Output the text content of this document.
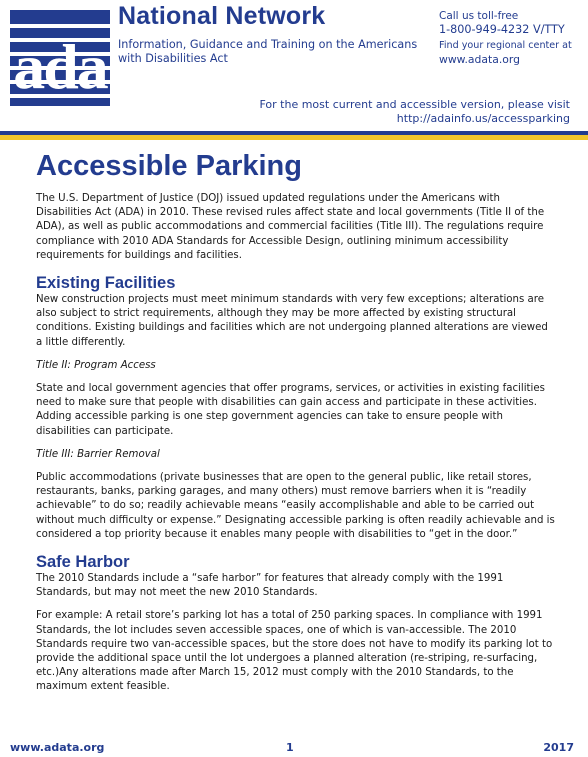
ada
National Network

Information, Guidance and Training on the Americans with Disabilities Act

Call us toll-free
1-800-949-4232 V/TTY
Find your regional center at
www.adata.org
For the most current and accessible version, please visit
http://adainfo.us/accessparking
Accessible Parking

The U.S. Department of Justice (DOJ) issued updated regulations under the Americans with Disabilities Act (ADA) in 2010. These revised rules affect state and local governments (Title II of the ADA), as well as public accommodations and commercial facilities (Title III). The regulations require compliance with 2010 ADA Standards for Accessible Design, outlining minimum accessibility requirements for buildings and facilities.

Existing Facilities

New construction projects must meet minimum standards with very few exceptions; alterations are also subject to strict requirements, although they may be more affected by existing structural conditions. Existing buildings and facilities which are not undergoing planned alterations are viewed a little differently.

Title II: Program Access

State and local government agencies that offer programs, services, or activities in existing facilities need to make sure that people with disabilities can gain access and participate in these activities. Adding accessible parking is one step government agencies can take to ensure people with disabilities can participate.

Title III: Barrier Removal

Public accommodations (private businesses that are open to the general public, like retail stores, restaurants, banks, parking garages, and many others) must remove barriers when it is “readily achievable” to do so; readily achievable means “easily accomplishable and able to be carried out without much difficulty or expense.” Designating accessible parking is often readily achievable and is considered a top priority because it enables many people with disabilities to “get in the door.”

Safe Harbor

The 2010 Standards include a “safe harbor” for features that already comply with the 1991 Standards, but may not meet the new 2010 Standards.

For example: A retail store’s parking lot has a total of 250 parking spaces. In compliance with 1991 Standards, the lot includes seven accessible spaces, one of which is van-accessible. The 2010 Standards require two van-accessible spaces, but the store does not have to modify its parking lot to provide the additional space until the lot undergoes a planned alteration (re-striping, re-surfacing, etc.)Any alterations made after March 15, 2012 must comply with the 2010 Standards, to the maximum extent feasible.

www.adata.org	1	2017
